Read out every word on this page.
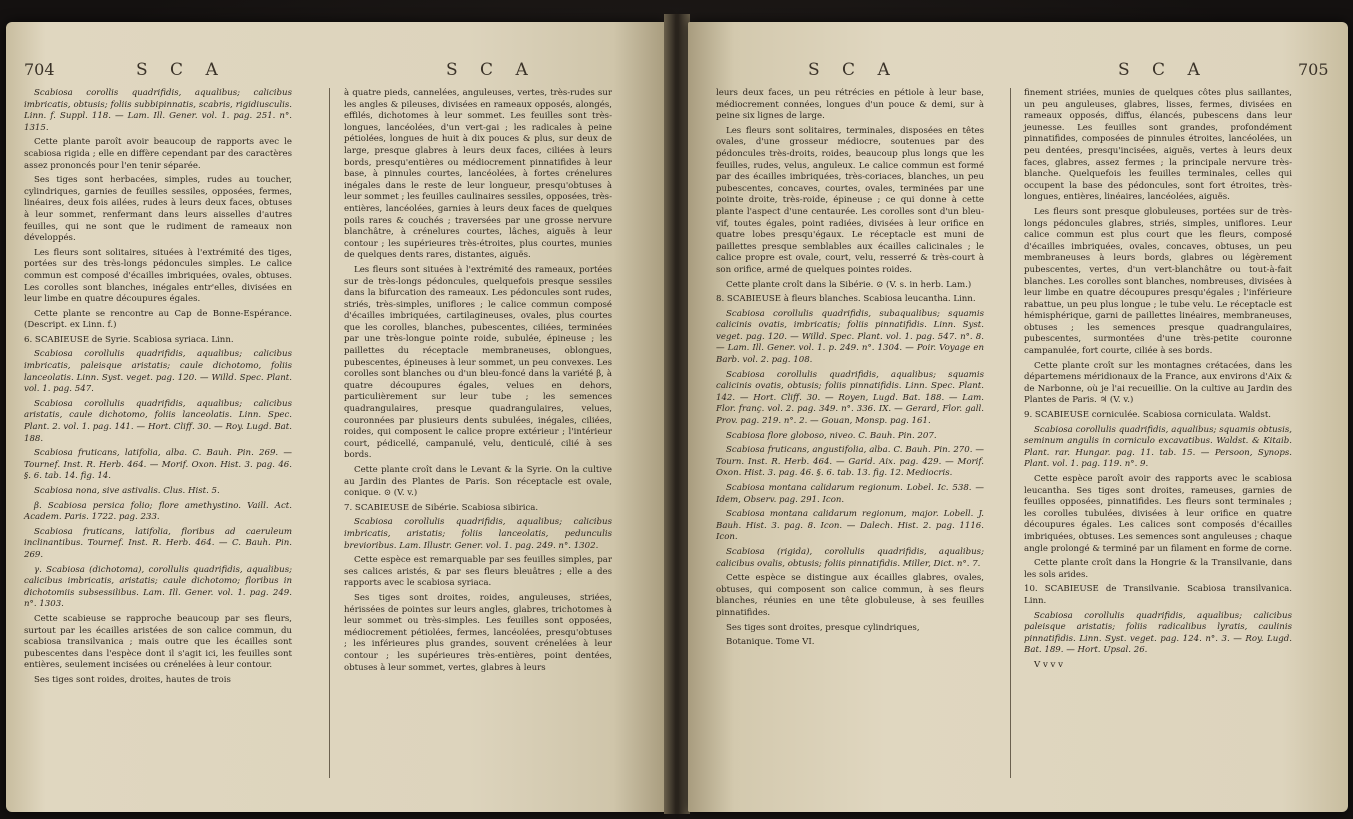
704	S C A	S C A

Scabiosa corollis quadrifidis, aqualibus; calicibus imbricatis, obtusis; foliis subbipinnatis, scabris, rigidiusculis. Linn. f. Suppl. 118. — Lam. Ill. Gener. vol. 1. pag. 251. n°. 1315.

Cette plante paroît avoir beaucoup de rapports avec le scabiosa rigida ; elle en diffère cependant par des caractères assez prononcés pour l'en tenir séparée.

Ses tiges sont herbacées, simples, rudes au toucher, cylindriques, garnies de feuilles sessiles, opposées, fermes, linéaires, deux fois ailées, rudes à leurs deux faces, obtuses à leur sommet, renfermant dans leurs aisselles d'autres feuilles, qui ne sont que le rudiment de rameaux non développés.

Les fleurs sont solitaires, situées à l'extrémité des tiges, portées sur des très-longs pédoncules simples. Le calice commun est composé d'écailles imbriquées, ovales, obtuses. Les corolles sont blanches, inégales entr'elles, divisées en leur limbe en quatre découpures égales.

Cette plante se rencontre au Cap de Bonne-Espérance. (Descript. ex Linn. f.)

6. SCABIEUSE de Syrie. Scabiosa syriaca. Linn.

Scabiosa corollulis quadrifidis, aqualibus; calicibus imbricatis, paleisque aristatis; caule dichotomo, foliis lanceolatis. Linn. Syst. veget. pag. 120. — Willd. Spec. Plant. vol. 1. pag. 547.

Scabiosa corollulis quadrifidis, aqualibus; calicibus aristatis, caule dichotomo, foliis lanceolatis. Linn. Spec. Plant. 2. vol. 1. pag. 141. — Hort. Cliff. 30. — Roy. Lugd. Bat. 188.

Scabiosa fruticans, latifolia, alba. C. Bauh. Pin. 269. — Tournef. Inst. R. Herb. 464. — Morif. Oxon. Hist. 3. pag. 46. §. 6. tab. 14. fig. 14.

Scabiosa nona, sive astivalis. Clus. Hist. 5.

β. Scabiosa persica folio; flore amethystino. Vaill. Act. Academ. Paris. 1722. pag. 233.

Scabiosa fruticans, latifolia, floribus ad caeruleum inclinantibus. Tournef. Inst. R. Herb. 464. — C. Bauh. Pin. 269.

γ. Scabiosa (dichotoma), corollulis quadrifidis, aqualibus; calicibus imbricatis, aristatis; caule dichotomo; floribus in dichotomiis subsessilibus. Lam. Ill. Gener. vol. 1. pag. 249. n°. 1303.

Cette scabieuse se rapproche beaucoup par ses fleurs, surtout par les écailles aristées de son calice commun, du scabiosa transilvanica ; mais outre que les écailles sont pubescentes dans l'espèce dont il s'agit ici, les feuilles sont entières, seulement incisées ou crénelées à leur contour.

Ses tiges sont roides, droites, hautes de trois

à quatre pieds, cannelées, anguleuses, vertes, très-rudes sur les angles & pileuses, divisées en rameaux opposés, alongés, effilés, dichotomes à leur sommet. Les feuilles sont très-longues, lancéolées, d'un vert-gai ; les radicales à peine pétiolées, longues de huit à dix pouces & plus, sur deux de large, presque glabres à leurs deux faces, ciliées à leurs bords, presqu'entières ou médiocrement pinnatifides à leur base, à pinnules courtes, lancéolées, à fortes crénelures inégales dans le reste de leur longueur, presqu'obtuses à leur sommet ; les feuilles caulinaires sessiles, opposées, très-entières, lancéolées, garnies à leurs deux faces de quelques poils rares & couchés ; traversées par une grosse nervure blanchâtre, à crénelures courtes, lâches, aiguës à leur contour ; les supérieures très-étroites, plus courtes, munies de quelques dents rares, distantes, aiguës.

Les fleurs sont situées à l'extrémité des rameaux, portées sur de très-longs pédoncules, quelquefois presque sessiles dans la bifurcation des rameaux. Les pédoncules sont rudes, striés, très-simples, uniflores ; le calice commun composé d'écailles imbriquées, cartilagineuses, ovales, plus courtes que les corolles, blanches, pubescentes, ciliées, terminées par une très-longue pointe roide, subulée, épineuse ; les paillettes du réceptacle membraneuses, oblongues, pubescentes, épineuses à leur sommet, un peu convexes. Les corolles sont blanches ou d'un bleu-foncé dans la variété β, à quatre découpures égales, velues en dehors, particulièrement sur leur tube ; les semences quadrangulaires, presque quadrangulaires, velues, couronnées par plusieurs dents subulées, inégales, ciliées, roides, qui composent le calice propre extérieur ; l'intérieur court, pédicellé, campanulé, velu, denticulé, cilié à ses bords.

Cette plante croît dans le Levant & la Syrie. On la cultive au Jardin des Plantes de Paris. Son réceptacle est ovale, conique. ⊙ (V. v.)

7. SCABIEUSE de Sibérie. Scabiosa sibirica.

Scabiosa corollulis quadrifidis, aqualibus; calicibus imbricatis, aristatis; foliis lanceolatis, pedunculis brevioribus. Lam. Illustr. Gener. vol. 1. pag. 249. n°. 1302.

Cette espèce est remarquable par ses feuilles simples, par ses calices aristés, & par ses fleurs bleuâtres ; elle a des rapports avec le scabiosa syriaca.

Ses tiges sont droites, roides, anguleuses, striées, hérissées de pointes sur leurs angles, glabres, trichotomes à leur sommet ou très-simples. Les feuilles sont opposées, médiocrement pétiolées, fermes, lancéolées, presqu'obtuses ; les inférieures plus grandes, souvent crénelées à leur contour ; les supérieures très-entières, point dentées, obtuses à leur sommet, vertes, glabres à leurs

S C A	S C A	705

leurs deux faces, un peu rétrécies en pétiole à leur base, médiocrement connées, longues d'un pouce & demi, sur à peine six lignes de large.

Les fleurs sont solitaires, terminales, disposées en têtes ovales, d'une grosseur médiocre, soutenues par des pédoncules très-droits, roides, beaucoup plus longs que les feuilles, rudes, velus, anguleux. Le calice commun est formé par des écailles imbriquées, très-coriaces, blanches, un peu pubescentes, concaves, courtes, ovales, terminées par une pointe droite, très-roide, épineuse ; ce qui donne à cette plante l'aspect d'une centaurée. Les corolles sont d'un bleu-vif, toutes égales, point radiées, divisées à leur orifice en quatre lobes presqu'égaux. Le réceptacle est muni de paillettes presque semblables aux écailles calicinales ; le calice propre est ovale, court, velu, resserré & très-court à son orifice, armé de quelques pointes roides.

Cette plante croît dans la Sibérie. ⊙ (V. s. in herb. Lam.)

8. SCABIEUSE à fleurs blanches. Scabiosa leucantha. Linn.

Scabiosa corollulis quadrifidis, subaqualibus; squamis calicinis ovatis, imbricatis; foliis pinnatifidis. Linn. Syst. veget. pag. 120. — Willd. Spec. Plant. vol. 1. pag. 547. n°. 8. — Lam. Ill. Gener. vol. 1. p. 249. n°. 1304. — Poir. Voyage en Barb. vol. 2. pag. 108.

Scabiosa corollulis quadrifidis, aqualibus; squamis calicinis ovatis, obtusis; foliis pinnatifidis. Linn. Spec. Plant. 142. — Hort. Cliff. 30. — Royen, Lugd. Bat. 188. — Lam. Flor. franç. vol. 2. pag. 349. n°. 336. IX. — Gerard, Flor. gall. Prov. pag. 219. n°. 2. — Gouan, Monsp. pag. 161.

Scabiosa flore globoso, niveo. C. Bauh. Pin. 207.

Scabiosa fruticans, angustifolia, alba. C. Bauh. Pin. 270. — Tourn. Inst. R. Herb. 464. — Garid. Aix. pag. 429. — Morif. Oxon. Hist. 3. pag. 46. §. 6. tab. 13. fig. 12. Mediocris.

Scabiosa montana calidarum regionum. Lobel. Ic. 538. — Idem, Observ. pag. 291. Icon.

Scabiosa montana calidarum regionum, major. Lobell. J. Bauh. Hist. 3. pag. 8. Icon. — Dalech. Hist. 2. pag. 1116. Icon.

Scabiosa (rigida), corollulis quadrifidis, aqualibus; calicibus ovalis, obtusis; foliis pinnatifidis. Miller, Dict. n°. 7.

Cette espèce se distingue aux écailles glabres, ovales, obtuses, qui composent son calice commun, à ses fleurs blanches, réunies en une tête globuleuse, à ses feuilles pinnatifides.

Ses tiges sont droites, presque cylindriques,

Botanique. Tome VI.

finement striées, munies de quelques côtes plus saillantes, un peu anguleuses, glabres, lisses, fermes, divisées en rameaux opposés, diffus, élancés, pubescens dans leur jeunesse. Les feuilles sont grandes, profondément pinnatifides, composées de pinnules étroites, lancéolées, un peu dentées, presqu'incisées, aiguës, vertes à leurs deux faces, glabres, assez fermes ; la principale nervure très-blanche. Quelquefois les feuilles terminales, celles qui occupent la base des pédoncules, sont fort étroites, très-longues, entières, linéaires, lancéolées, aiguës.

Les fleurs sont presque globuleuses, portées sur de très-longs pédoncules glabres, striés, simples, uniflores. Leur calice commun est plus court que les fleurs, composé d'écailles imbriquées, ovales, concaves, obtuses, un peu membraneuses à leurs bords, glabres ou légèrement pubescentes, vertes, d'un vert-blanchâtre ou tout-à-fait blanches. Les corolles sont blanches, nombreuses, divisées à leur limbe en quatre découpures presqu'égales ; l'inférieure rabattue, un peu plus longue ; le tube velu. Le réceptacle est hémisphérique, garni de paillettes linéaires, membraneuses, obtuses ; les semences presque quadrangulaires, pubescentes, surmontées d'une très-petite couronne campanulée, fort courte, ciliée à ses bords.

Cette plante croît sur les montagnes crétacées, dans les départemens méridionaux de la France, aux environs d'Aix & de Narbonne, où je l'ai recueillie. On la cultive au Jardin des Plantes de Paris. ♃ (V. v.)

9. SCABIEUSE corniculée. Scabiosa corniculata. Waldst.

Scabiosa corollulis quadrifidis, aqualibus; squamis obtusis, seminum angulis in corniculo excavatibus. Waldst. & Kitaib. Plant. rar. Hungar. pag. 11. tab. 15. — Persoon, Synops. Plant. vol. 1. pag. 119. n°. 9.

Cette espèce paroît avoir des rapports avec le scabiosa leucantha. Ses tiges sont droites, rameuses, garnies de feuilles opposées, pinnatifides. Les fleurs sont terminales ; les corolles tubulées, divisées à leur orifice en quatre découpures égales. Les calices sont composés d'écailles imbriquées, obtuses. Les semences sont anguleuses ; chaque angle prolongé & terminé par un filament en forme de corne.

Cette plante croît dans la Hongrie & la Transilvanie, dans les sols arides.

10. SCABIEUSE de Transilvanie. Scabiosa transilvanica. Linn.

Scabiosa corollulis quadrifidis, aqualibus; calicibus paleisque aristatis; foliis radicalibus lyratis, caulinis pinnatifidis. Linn. Syst. veget. pag. 124. n°. 3. — Roy. Lugd. Bat. 189. — Hort. Upsal. 26.

V v v v
